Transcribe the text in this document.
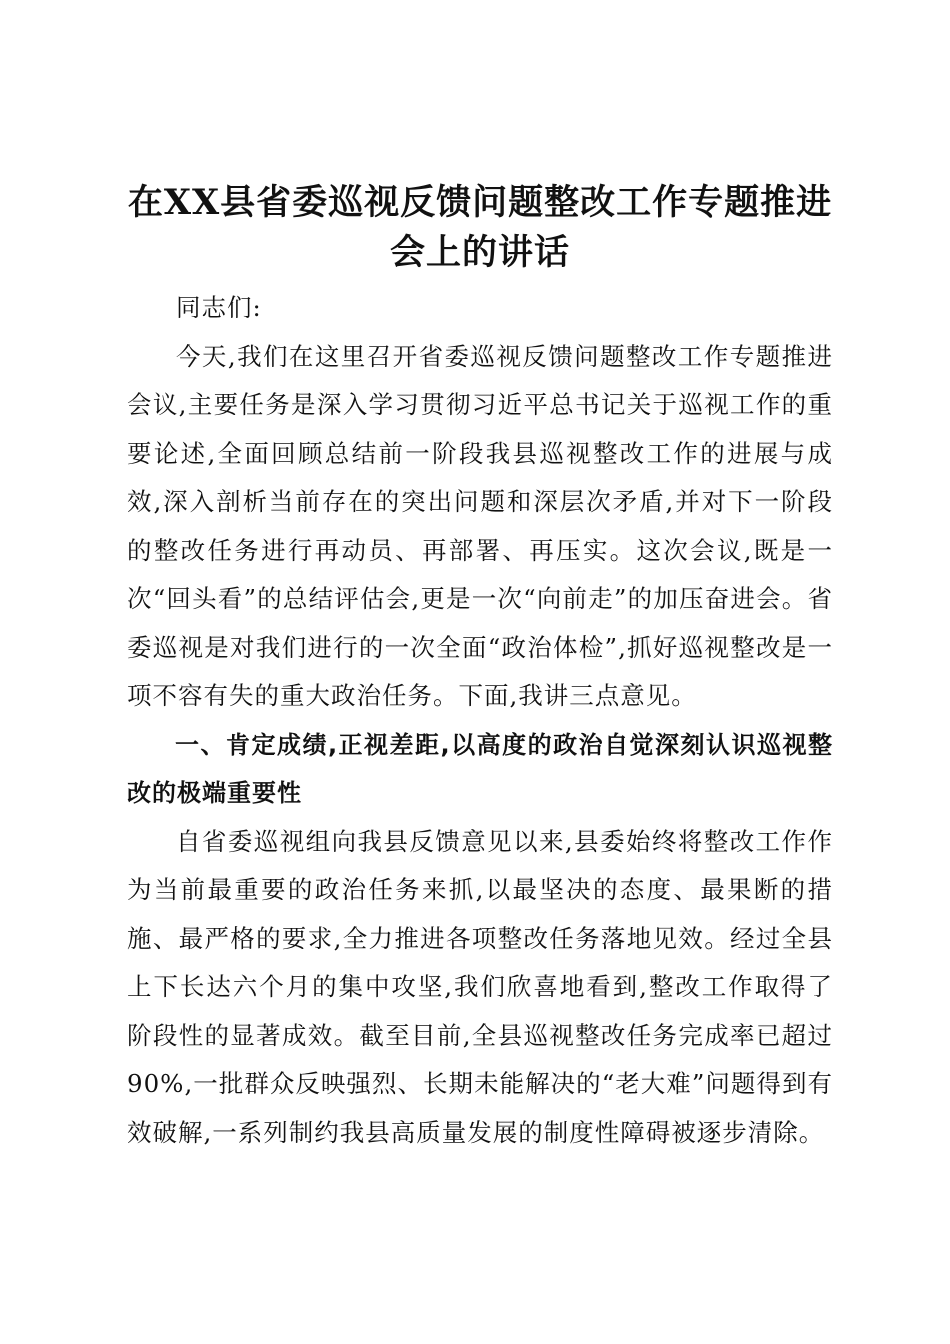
在XX县省委巡视反馈问题整改工作专题推进会上的讲话

同志们:

今天,我们在这里召开省委巡视反馈问题整改工作专题推进会议,主要任务是深入学习贯彻习近平总书记关于巡视工作的重要论述,全面回顾总结前一阶段我县巡视整改工作的进展与成效,深入剖析当前存在的突出问题和深层次矛盾,并对下一阶段的整改任务进行再动员、再部署、再压实。这次会议,既是一次“回头看”的总结评估会,更是一次“向前走”的加压奋进会。省委巡视是对我们进行的一次全面“政治体检”,抓好巡视整改是一项不容有失的重大政治任务。下面,我讲三点意见。

一、肯定成绩,正视差距,以高度的政治自觉深刻认识巡视整改的极端重要性

自省委巡视组向我县反馈意见以来,县委始终将整改工作作为当前最重要的政治任务来抓,以最坚决的态度、最果断的措施、最严格的要求,全力推进各项整改任务落地见效。经过全县上下长达六个月的集中攻坚,我们欣喜地看到,整改工作取得了阶段性的显著成效。截至目前,全县巡视整改任务完成率已超过90%,一批群众反映强烈、长期未能解决的“老大难”问题得到有效破解,一系列制约我县高质量发展的制度性障碍被逐步清除。
